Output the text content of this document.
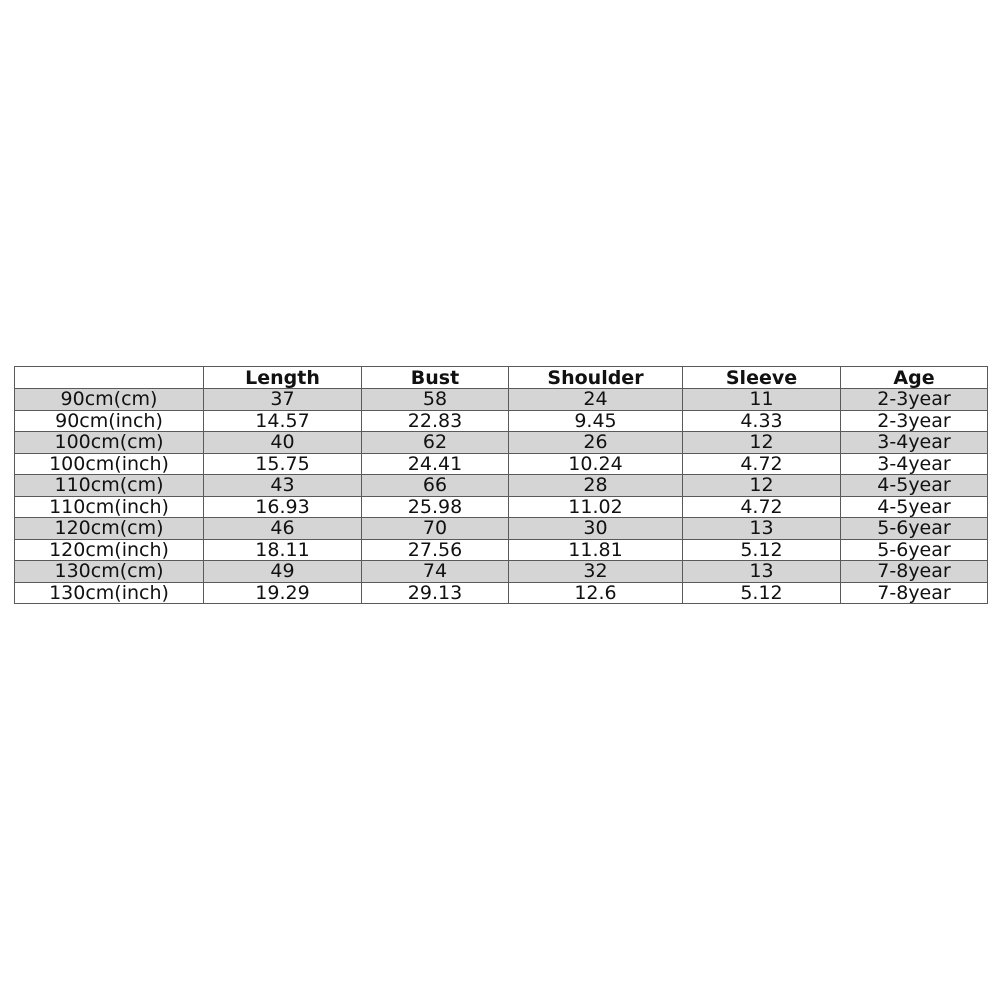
	Length	Bust	Shoulder	Sleeve	Age
90cm(cm)	37	58	24	11	2-3year
90cm(inch)	14.57	22.83	9.45	4.33	2-3year
100cm(cm)	40	62	26	12	3-4year
100cm(inch)	15.75	24.41	10.24	4.72	3-4year
110cm(cm)	43	66	28	12	4-5year
110cm(inch)	16.93	25.98	11.02	4.72	4-5year
120cm(cm)	46	70	30	13	5-6year
120cm(inch)	18.11	27.56	11.81	5.12	5-6year
130cm(cm)	49	74	32	13	7-8year
130cm(inch)	19.29	29.13	12.6	5.12	7-8year
